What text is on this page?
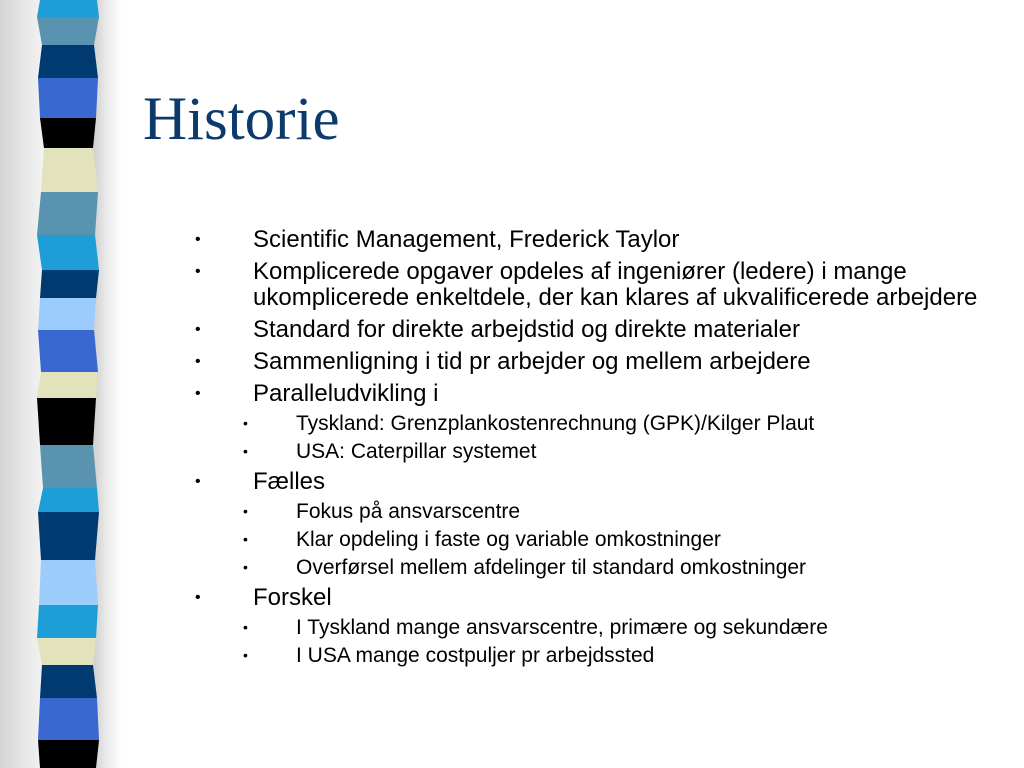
Historie
• Scientific Management, Frederick Taylor
• Komplicerede opgaver opdeles af ingeniører (ledere) i mange ukomplicerede enkeltdele, der kan klares af ukvalificerede arbejdere
• Standard for direkte arbejdstid og direkte materialer
• Sammenligning i tid pr arbejder og mellem arbejdere
• Paralleludvikling i
• Tyskland: Grenzplankostenrechnung (GPK)/Kilger Plaut
• USA: Caterpillar systemet
• Fælles
• Fokus på ansvarscentre
• Klar opdeling i faste og variable omkostninger
• Overførsel mellem afdelinger til standard omkostninger
• Forskel
• I Tyskland mange ansvarscentre, primære og sekundære
• I USA mange costpuljer pr arbejdssted
